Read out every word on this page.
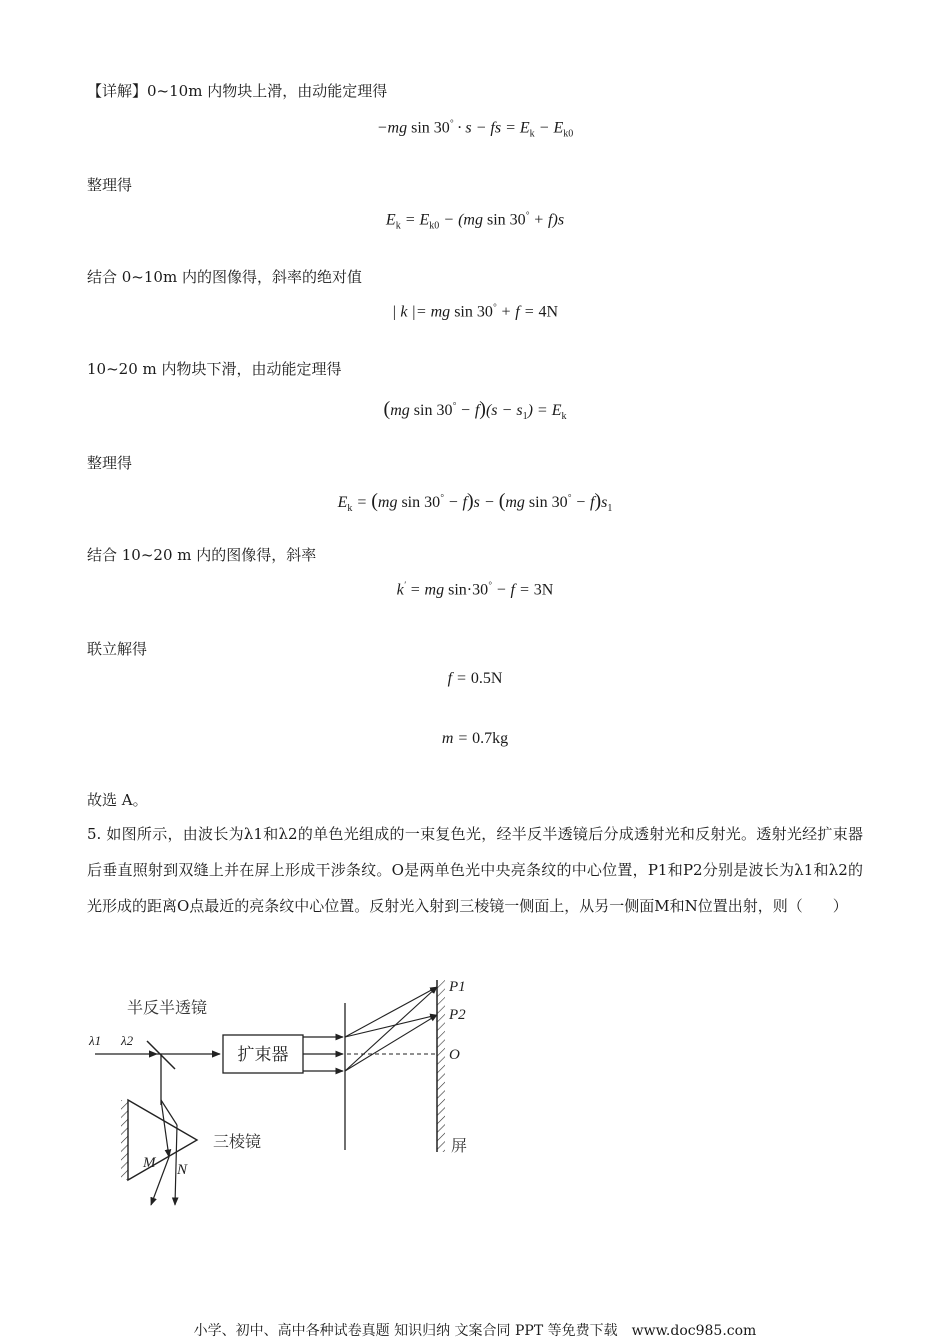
【详解】0~10m 内物块上滑，由动能定理得
−mg sin 30° · s − fs = $E_k - E_{k0}$
整理得
$E_k = E_{k0} - (mg$ sin 30° + f)s
结合 0~10m 内的图像得，斜率的绝对值
| k |= mg sin 30° + f = 4N
10~20 m 内物块下滑，由动能定理得
(mg $\sin 30^\circ - f)(s - s_1) = E_k$
整理得
$E_k = (mg$ sin 30° − f)s − (mg $\sin 30^\circ - f)s_1$
结合 10~20 m 内的图像得，斜率
k′ = mg sin·30° − f = 3N
联立解得
f = 0.5N
m = 0.7kg
故选 A。
5. 如图所示，由波长为λ1和λ2的单色光组成的一束复色光，经半反半透镜后分成透射光和反射光。透射光经扩束器后垂直照射到双缝上并在屏上形成干涉条纹。O是两单色光中央亮条纹的中心位置，P1和P2分别是波长为λ1和λ2的光形成的距离O点最近的亮条纹中心位置。反射光入射到三棱镜一侧面上，从另一侧面M和N位置出射，则（　　）
半反半透镜
λ1 λ2
扩束器
P1
P2
O
屏
三棱镜
M N
小学、初中、高中各种试卷真题 知识归纳 文案合同 PPT 等免费下载　www.doc985.com
